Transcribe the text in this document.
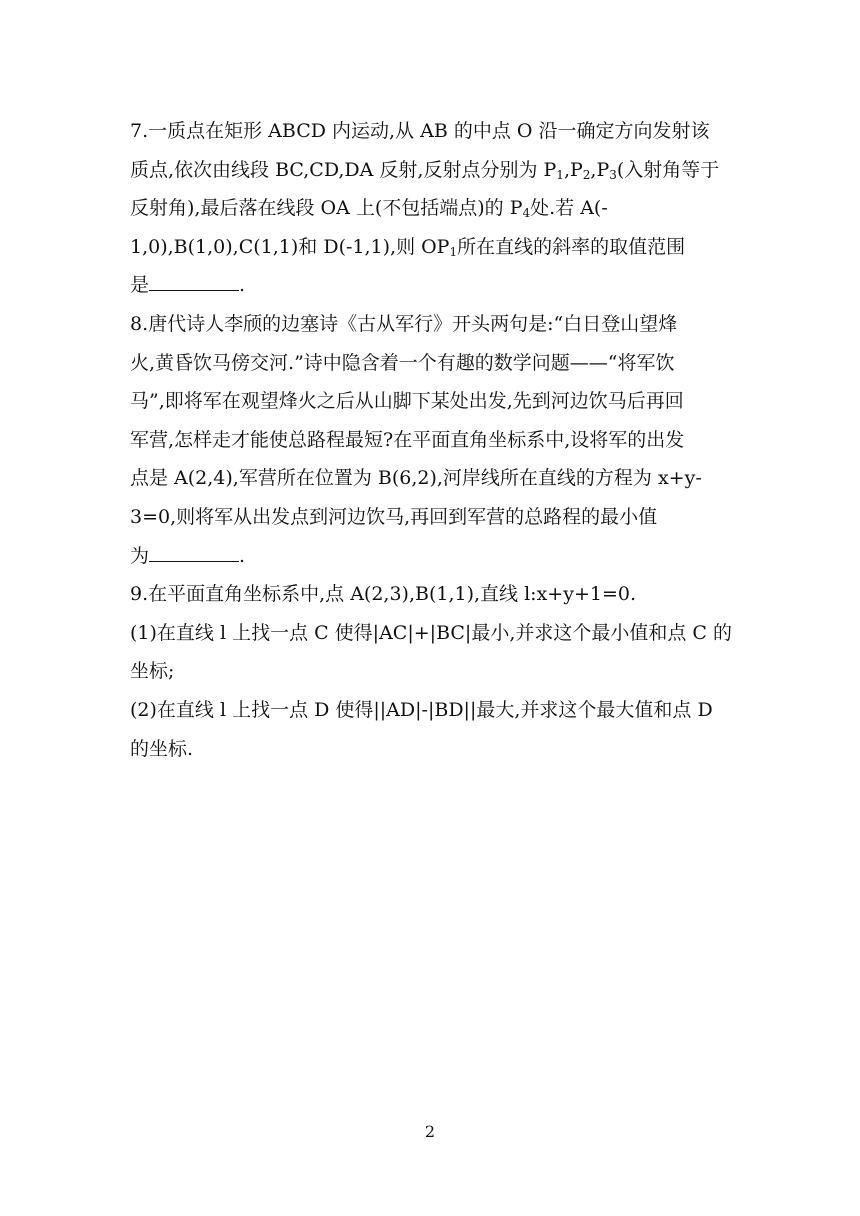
7.一质点在矩形 ABCD 内运动,从 AB 的中点 O 沿一确定方向发射该
质点,依次由线段 BC,CD,DA 反射,反射点分别为 $P_1,P_2,P_3$(入射角等于
反射角),最后落在线段 OA 上(不包括端点)的 $P_4$处.若 A(-
1,0),B(1,0),C(1,1)和 D(-1,1),则 $OP_1$所在直线的斜率的取值范围
是	.
8.唐代诗人李颀的边塞诗《古从军行》开头两句是:“白日登山望烽
火,黄昏饮马傍交河.”诗中隐含着一个有趣的数学问题——“将军饮
马”,即将军在观望烽火之后从山脚下某处出发,先到河边饮马后再回
军营,怎样走才能使总路程最短?在平面直角坐标系中,设将军的出发
点是 A(2,4),军营所在位置为 B(6,2),河岸线所在直线的方程为 x+y-
3=0,则将军从出发点到河边饮马,再回到军营的总路程的最小值
为	.
9.在平面直角坐标系中,点 A(2,3),B(1,1),直线 l:x+y+1=0.
(1)在直线 l 上找一点 C 使得|AC|+|BC|最小,并求这个最小值和点 C 的
坐标;
(2)在直线 l 上找一点 D 使得||AD|-|BD||最大,并求这个最大值和点 D
的坐标.
2
